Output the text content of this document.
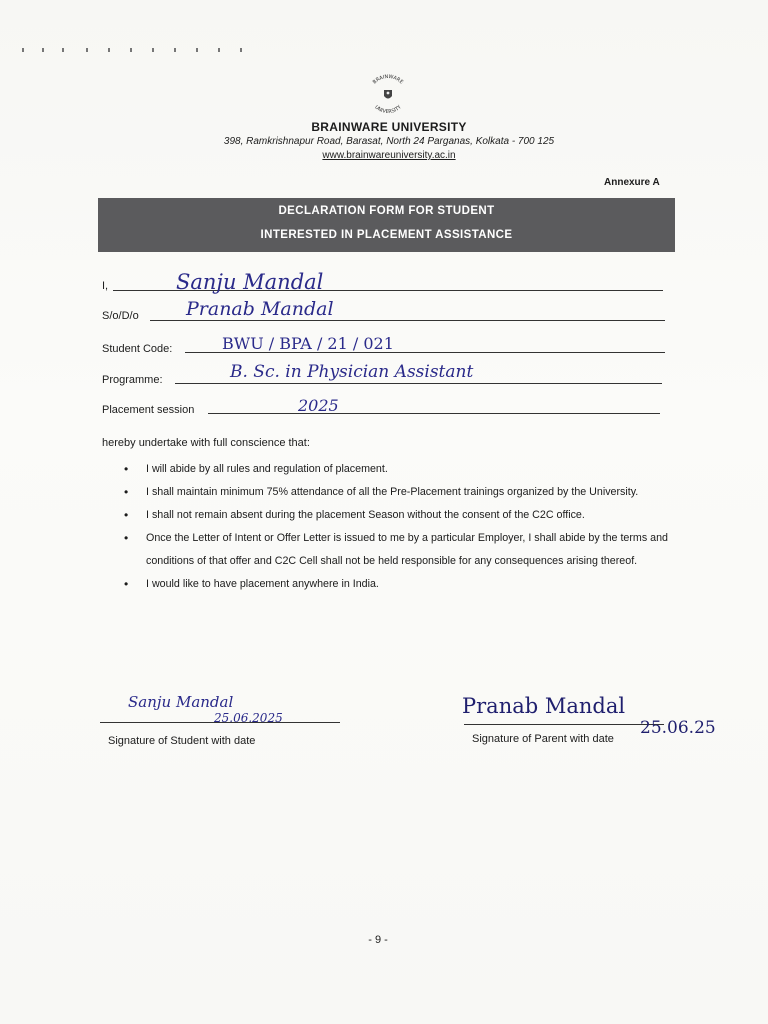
BRAINWARE
UNIVERSITY
BRAINWARE UNIVERSITY
398, Ramkrishnapur Road, Barasat, North 24 Parganas, Kolkata - 700 125
www.brainwareuniversity.ac.in
Annexure A
DECLARATION FORM FOR STUDENT
INTERESTED IN PLACEMENT ASSISTANCE
I,	Sanju Mandal
S/o/D/o Pranab Mandal
Student Code:	BWU / BPA / 21 / 021
Programme:	B. Sc. in Physician Assistant
Placement session	2025
hereby undertake with full conscience that:
• I will abide by all rules and regulation of placement.
• I shall maintain minimum 75% attendance of all the Pre-Placement trainings organized by the University.
• I shall not remain absent during the placement Season without the consent of the C2C office.
• Once the Letter of Intent or Offer Letter is issued to me by a particular Employer, I shall abide by the terms and conditions of that offer and C2C Cell shall not be held responsible for any consequences arising thereof.
• I would like to have placement anywhere in India.
Sanju Mandal
25.06.2025
Signature of Student with date
Pranab Mandal
25.06.25
Signature of Parent with date
- 9 -
